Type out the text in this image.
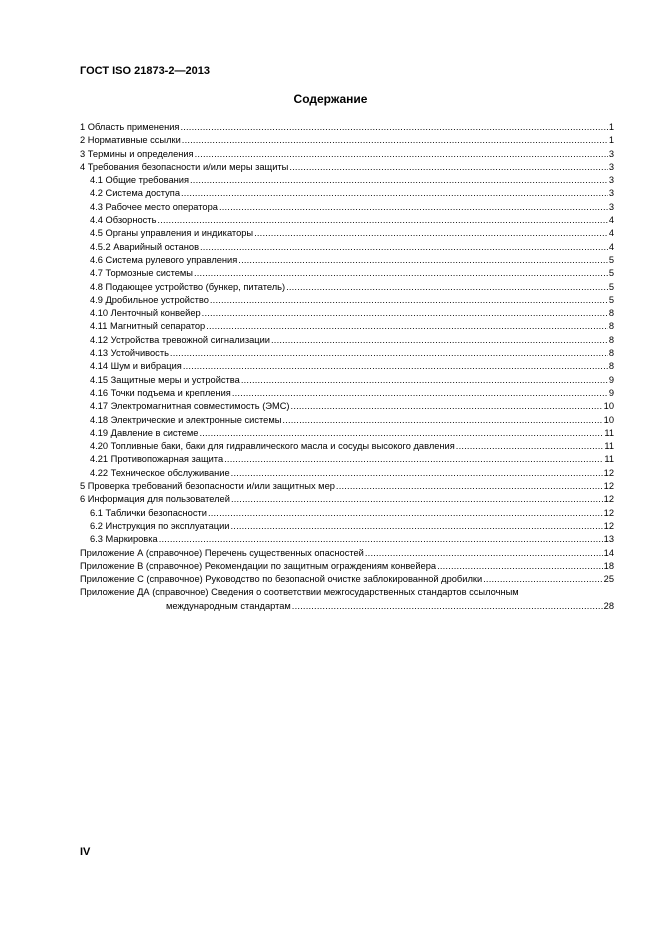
ГОСТ ISO 21873-2—2013
Содержание
1 Область применения .....	1
2 Нормативные ссылки .....	1
3 Термины и определения .....	3
4 Требования безопасности и/или меры защиты .....	3
4.1 Общие требования .....	3
4.2 Система доступа .....	3
4.3 Рабочее место оператора .....	3
4.4 Обзорность .....	4
4.5 Органы управления и индикаторы .....	4
4.5.2 Аварийный останов .....	4
4.6 Система рулевого управления .....	5
4.7 Тормозные системы .....	5
4.8 Подающее устройство (бункер, питатель) .....	5
4.9 Дробильное устройство .....	5
4.10 Ленточный конвейер .....	8
4.11 Магнитный сепаратор .....	8
4.12 Устройства тревожной сигнализации .....	8
4.13 Устойчивость .....	8
4.14 Шум и вибрация .....	8
4.15 Защитные меры и устройства .....	9
4.16 Точки подъема и крепления .....	9
4.17 Электромагнитная совместимость (ЭМС) .....	10
4.18 Электрические и электронные системы .....	10
4.19 Давление в системе .....	11
4.20 Топливные баки, баки для гидравлического масла и сосуды высокого давления .....	11
4.21 Противопожарная защита .....	11
4.22 Техническое обслуживание .....	12
5 Проверка требований безопасности и/или защитных мер .....	12
6 Информация для пользователей .....	12
6.1 Таблички безопасности .....	12
6.2 Инструкция по эксплуатации .....	12
6.3 Маркировка .....	13
Приложение А (справочное) Перечень существенных опасностей .....	14
Приложение В (справочное) Рекомендации по защитным ограждениям конвейера .....	18
Приложение С (справочное) Руководство по безопасной очистке заблокированной дробилки .....	25
Приложение ДА (справочное) Сведения о соответствии межгосударственных стандартов ссылочным
международным стандартам .....	28
IV
